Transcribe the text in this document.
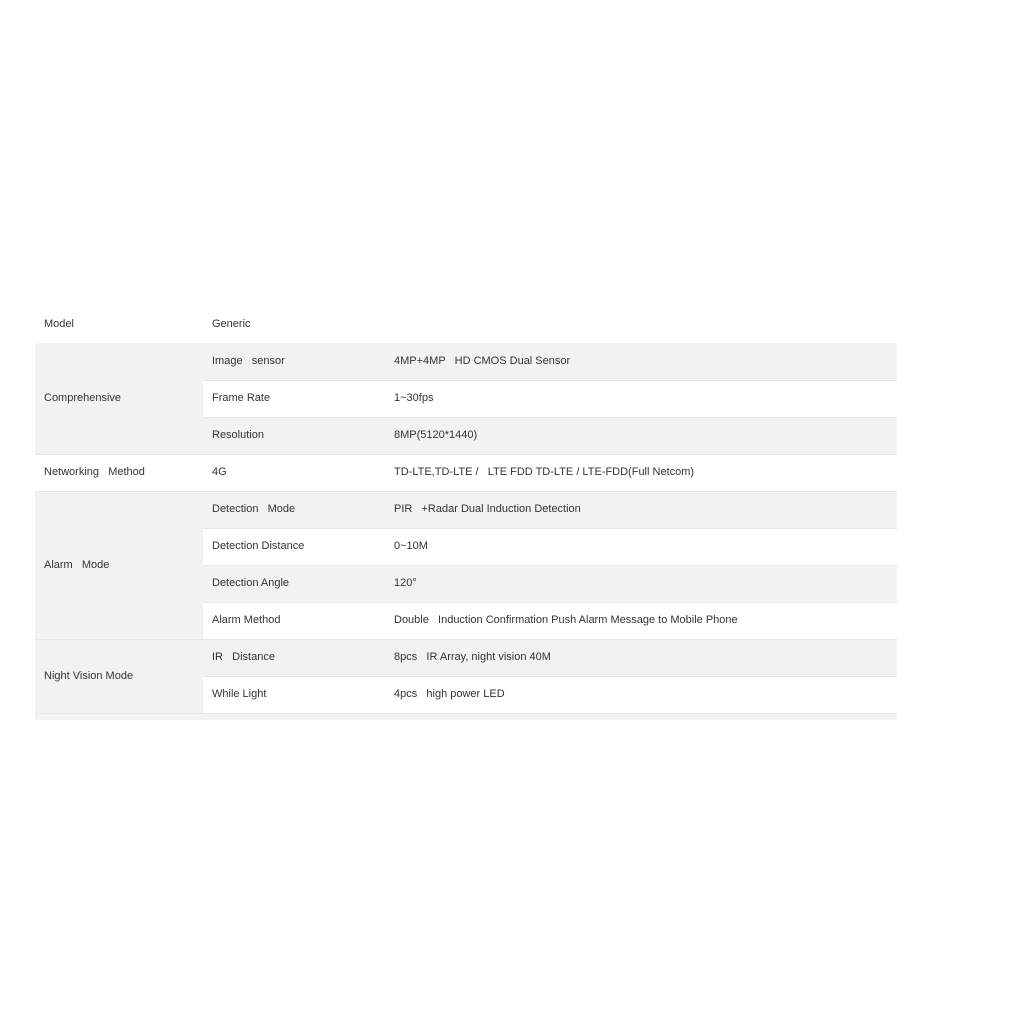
Model	Generic	
Comprehensive	Image   sensor	4MP+4MP   HD CMOS Dual Sensor
	Frame Rate	1~30fps
	Resolution	8MP(5120*1440)
Networking   Method	4G	TD-LTE,TD-LTE /   LTE FDD TD-LTE / LTE-FDD(Full Netcom)
Alarm   Mode	Detection   Mode	PIR   +Radar Dual Induction Detection
	Detection Distance	0~10M
	Detection Angle	120°
	Alarm Method	Double   Induction Confirmation Push Alarm Message to Mobile Phone
Night Vision Mode	IR   Distance	8pcs   IR Array, night vision 40M
	While Light	4pcs   high power LED
